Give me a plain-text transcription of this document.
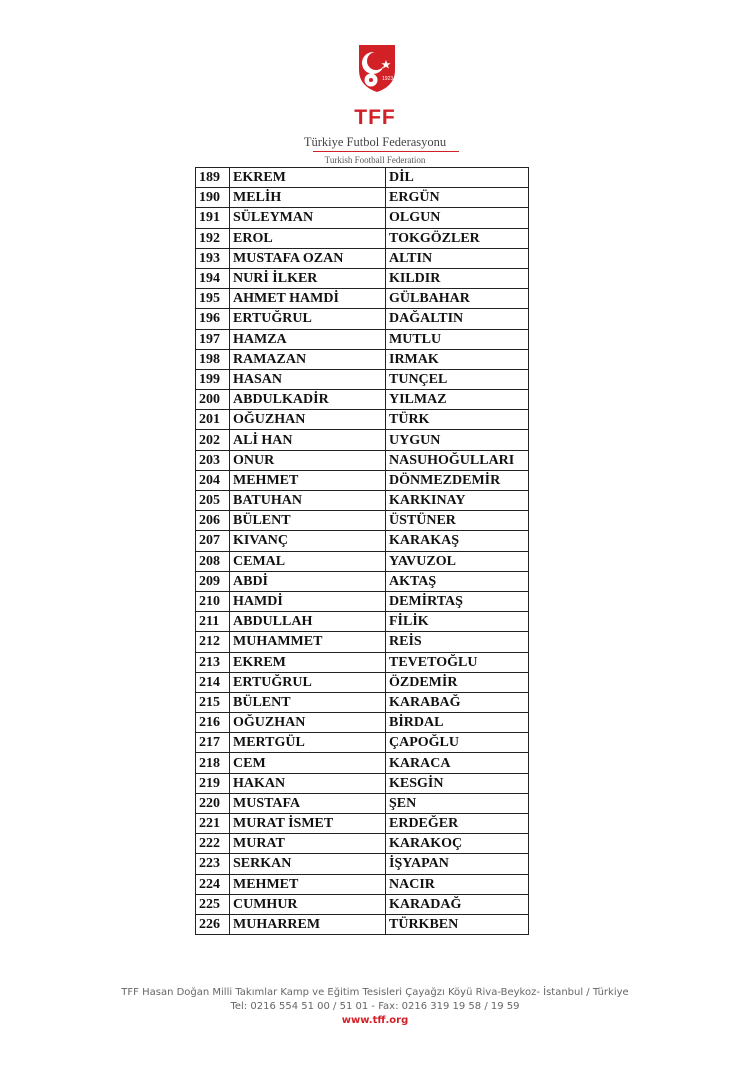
1923
TFF
Türkiye Futbol Federasyonu
Turkish Football Federation
189	EKREM	DİL
190	MELİH	ERGÜN
191	SÜLEYMAN	OLGUN
192	EROL	TOKGÖZLER
193	MUSTAFA OZAN	ALTIN
194	NURİ İLKER	KILDIR
195	AHMET HAMDİ	GÜLBAHAR
196	ERTUĞRUL	DAĞALTIN
197	HAMZA	MUTLU
198	RAMAZAN	IRMAK
199	HASAN	TUNÇEL
200	ABDULKADİR	YILMAZ
201	OĞUZHAN	TÜRK
202	ALİ HAN	UYGUN
203	ONUR	NASUHOĞULLARI
204	MEHMET	DÖNMEZDEMİR
205	BATUHAN	KARKINAY
206	BÜLENT	ÜSTÜNER
207	KIVANÇ	KARAKAŞ
208	CEMAL	YAVUZOL
209	ABDİ	AKTAŞ
210	HAMDİ	DEMİRTAŞ
211	ABDULLAH	FİLİK
212	MUHAMMET	REİS
213	EKREM	TEVETOĞLU
214	ERTUĞRUL	ÖZDEMİR
215	BÜLENT	KARABAĞ
216	OĞUZHAN	BİRDAL
217	MERTGÜL	ÇAPOĞLU
218	CEM	KARACA
219	HAKAN	KESGİN
220	MUSTAFA	ŞEN
221	MURAT İSMET	ERDEĞER
222	MURAT	KARAKOÇ
223	SERKAN	İŞYAPAN
224	MEHMET	NACIR
225	CUMHUR	KARADAĞ
226	MUHARREM	TÜRKBEN
TFF Hasan Doğan Milli Takımlar Kamp ve Eğitim Tesisleri Çayağzı Köyü Riva-Beykoz- İstanbul / Türkiye
Tel: 0216 554 51 00 / 51 01 - Fax: 0216 319 19 58 / 19 59
www.tff.org
